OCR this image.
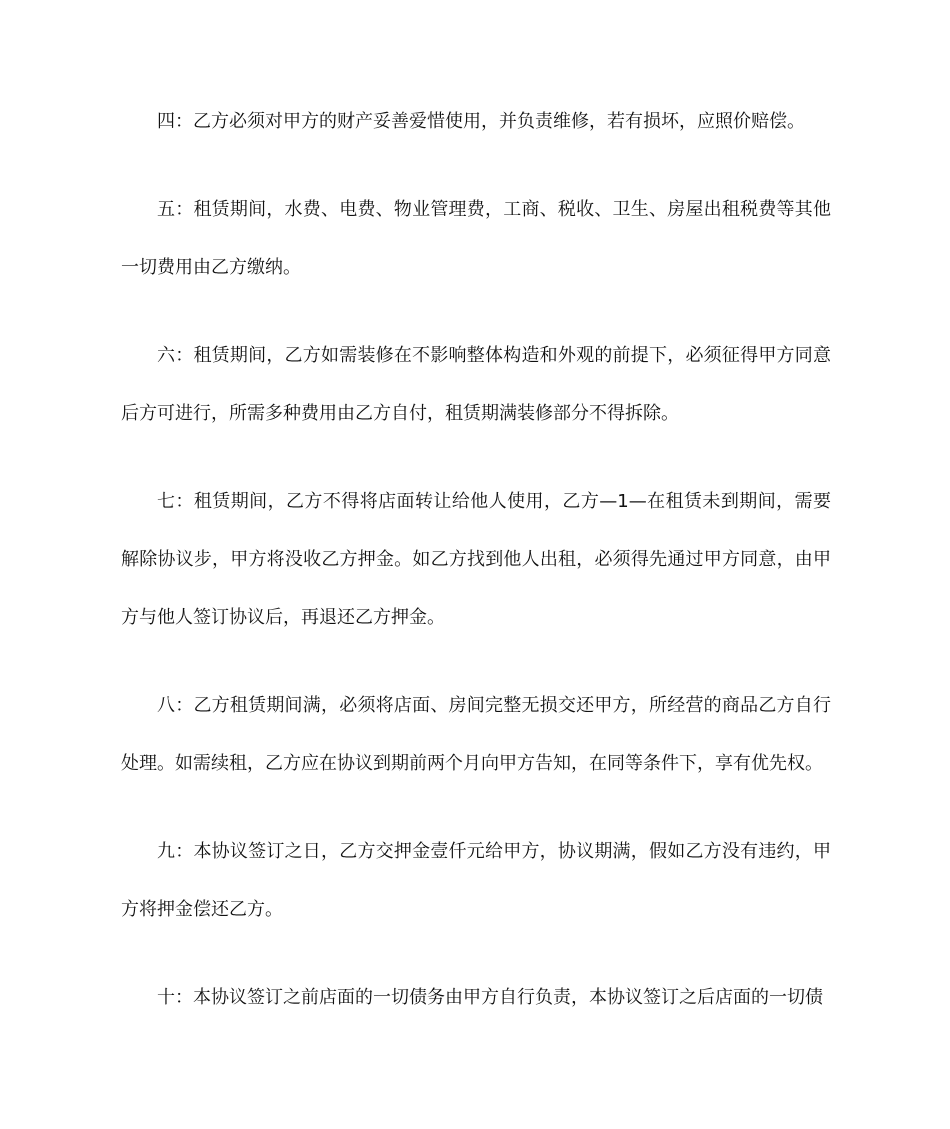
四：乙方必须对甲方的财产妥善爱惜使用，并负责维修，若有损坏，应照价赔偿。

五：租赁期间，水费、电费、物业管理费，工商、税收、卫生、房屋出租税费等其他一切费用由乙方缴纳。

六：租赁期间，乙方如需装修在不影响整体构造和外观的前提下，必须征得甲方同意后方可进行，所需多种费用由乙方自付，租赁期满装修部分不得拆除。

七：租赁期间，乙方不得将店面转让给他人使用，乙方—1—在租赁未到期间，需要解除协议步，甲方将没收乙方押金。如乙方找到他人出租，必须得先通过甲方同意，由甲方与他人签订协议后，再退还乙方押金。

八：乙方租赁期间满，必须将店面、房间完整无损交还甲方，所经营的商品乙方自行处理。如需续租，乙方应在协议到期前两个月向甲方告知，在同等条件下，享有优先权。

九：本协议签订之日，乙方交押金壹仟元给甲方，协议期满，假如乙方没有违约，甲方将押金偿还乙方。

十：本协议签订之前店面的一切债务由甲方自行负责，本协议签订之后店面的一切债
